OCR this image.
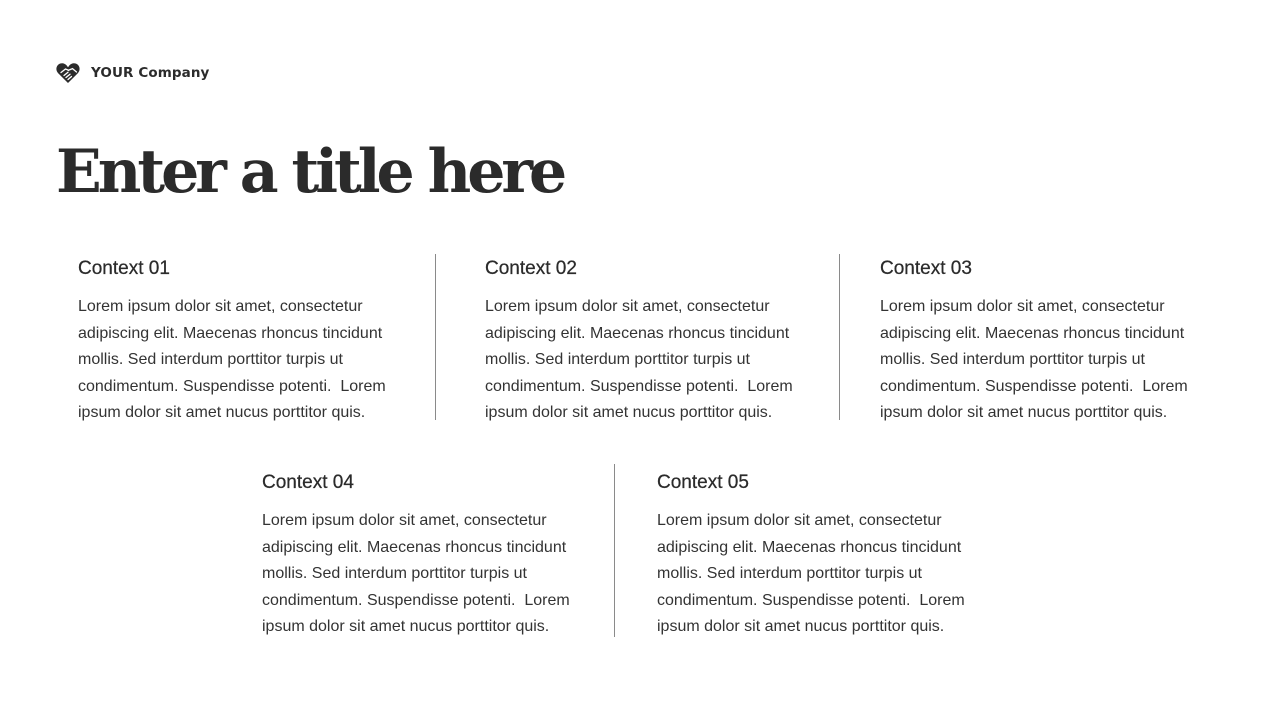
YOUR Company
Enter a title here
Context 01

Lorem ipsum dolor sit amet, consectetur adipiscing elit. Maecenas rhoncus tincidunt mollis. Sed interdum porttitor turpis ut condimentum. Suspendisse potenti.  Lorem ipsum dolor sit amet nucus porttitor quis.

Context 02

Lorem ipsum dolor sit amet, consectetur adipiscing elit. Maecenas rhoncus tincidunt mollis. Sed interdum porttitor turpis ut condimentum. Suspendisse potenti.  Lorem ipsum dolor sit amet nucus porttitor quis.

Context 03

Lorem ipsum dolor sit amet, consectetur adipiscing elit. Maecenas rhoncus tincidunt mollis. Sed interdum porttitor turpis ut condimentum. Suspendisse potenti.  Lorem ipsum dolor sit amet nucus porttitor quis.

Context 04

Lorem ipsum dolor sit amet, consectetur adipiscing elit. Maecenas rhoncus tincidunt mollis. Sed interdum porttitor turpis ut condimentum. Suspendisse potenti.  Lorem ipsum dolor sit amet nucus porttitor quis.

Context 05

Lorem ipsum dolor sit amet, consectetur adipiscing elit. Maecenas rhoncus tincidunt mollis. Sed interdum porttitor turpis ut condimentum. Suspendisse potenti.  Lorem ipsum dolor sit amet nucus porttitor quis.
